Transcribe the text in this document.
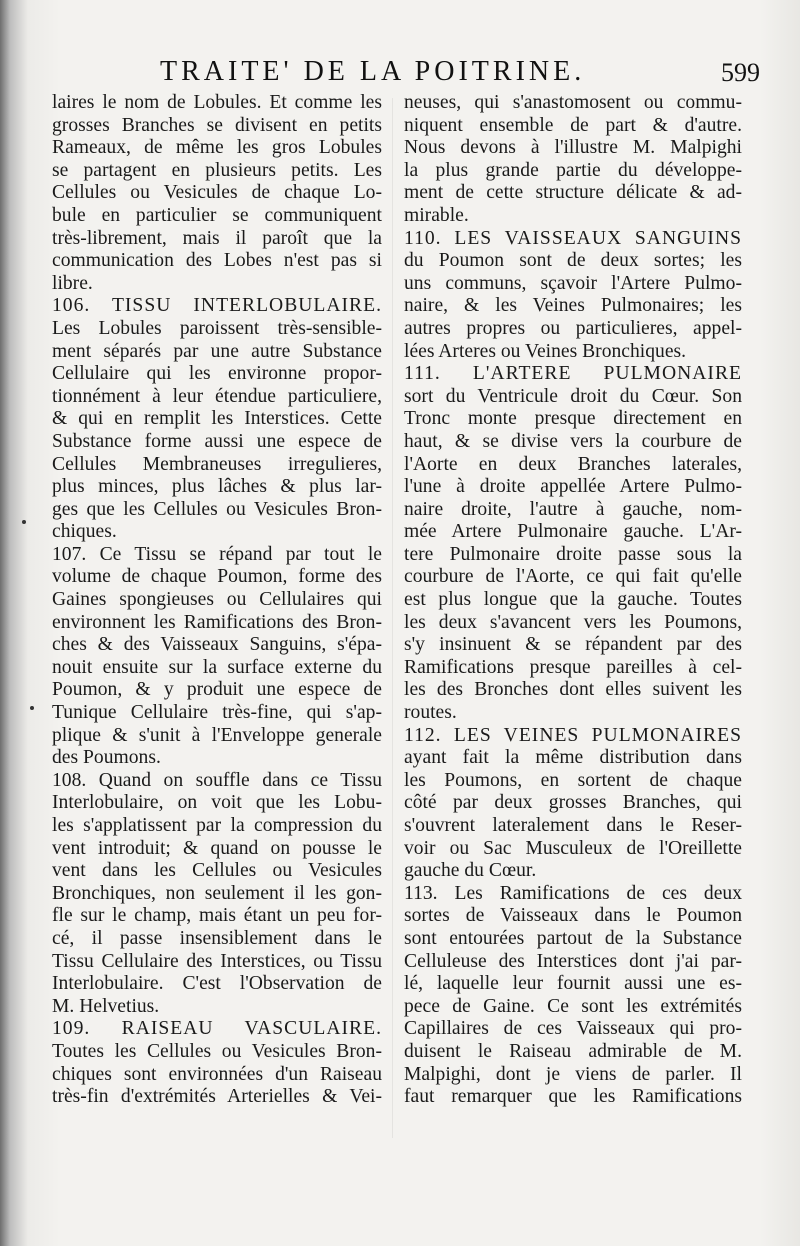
TRAITE' DE LA POITRINE.	599
laires le nom de Lobules. Et comme les
grosses Branches se divisent en petits
Rameaux, de même les gros Lobules
se partagent en plusieurs petits. Les
Cellules ou Vesicules de chaque Lo-
bule en particulier se communiquent
très-librement, mais il paroît que la
communication des Lobes n'est pas si
libre.
106. TISSU INTERLOBULAIRE.
Les Lobules paroissent très-sensible-
ment séparés par une autre Substance
Cellulaire qui les environne propor-
tionnément à leur étendue particuliere,
& qui en remplit les Interstices. Cette
Substance forme aussi une espece de
Cellules Membraneuses irregulieres,
plus minces, plus lâches & plus lar-
ges que les Cellules ou Vesicules Bron-
chiques.
107. Ce Tissu se répand par tout le
volume de chaque Poumon, forme des
Gaines spongieuses ou Cellulaires qui
environnent les Ramifications des Bron-
ches & des Vaisseaux Sanguins, s'épa-
nouit ensuite sur la surface externe du
Poumon, & y produit une espece de
Tunique Cellulaire très-fine, qui s'ap-
plique & s'unit à l'Enveloppe generale
des Poumons.
108. Quand on souffle dans ce Tissu
Interlobulaire, on voit que les Lobu-
les s'applatissent par la compression du
vent introduit; & quand on pousse le
vent dans les Cellules ou Vesicules
Bronchiques, non seulement il les gon-
fle sur le champ, mais étant un peu for-
cé, il passe insensiblement dans le
Tissu Cellulaire des Interstices, ou Tissu
Interlobulaire. C'est l'Observation de
M. Helvetius.
109. RAISEAU VASCULAIRE.
Toutes les Cellules ou Vesicules Bron-
chiques sont environnées d'un Raiseau
très-fin d'extrémités Arterielles & Vei-
neuses, qui s'anastomosent ou commu-
niquent ensemble de part & d'autre.
Nous devons à l'illustre M. Malpighi
la plus grande partie du développe-
ment de cette structure délicate & ad-
mirable.
110. LES VAISSEAUX SANGUINS
du Poumon sont de deux sortes; les
uns communs, sçavoir l'Artere Pulmo-
naire, & les Veines Pulmonaires; les
autres propres ou particulieres, appel-
lées Arteres ou Veines Bronchiques.
111. L'ARTERE PULMONAIRE
sort du Ventricule droit du Cœur. Son
Tronc monte presque directement en
haut, & se divise vers la courbure de
l'Aorte en deux Branches laterales,
l'une à droite appellée Artere Pulmo-
naire droite, l'autre à gauche, nom-
mée Artere Pulmonaire gauche. L'Ar-
tere Pulmonaire droite passe sous la
courbure de l'Aorte, ce qui fait qu'elle
est plus longue que la gauche. Toutes
les deux s'avancent vers les Poumons,
s'y insinuent & se répandent par des
Ramifications presque pareilles à cel-
les des Bronches dont elles suivent les
routes.
112. LES VEINES PULMONAIRES
ayant fait la même distribution dans
les Poumons, en sortent de chaque
côté par deux grosses Branches, qui
s'ouvrent lateralement dans le Reser-
voir ou Sac Musculeux de l'Oreillette
gauche du Cœur.
113. Les Ramifications de ces deux
sortes de Vaisseaux dans le Poumon
sont entourées partout de la Substance
Celluleuse des Interstices dont j'ai par-
lé, laquelle leur fournit aussi une es-
pece de Gaine. Ce sont les extrémités
Capillaires de ces Vaisseaux qui pro-
duisent le Raiseau admirable de M.
Malpighi, dont je viens de parler. Il
faut remarquer que les Ramifications
